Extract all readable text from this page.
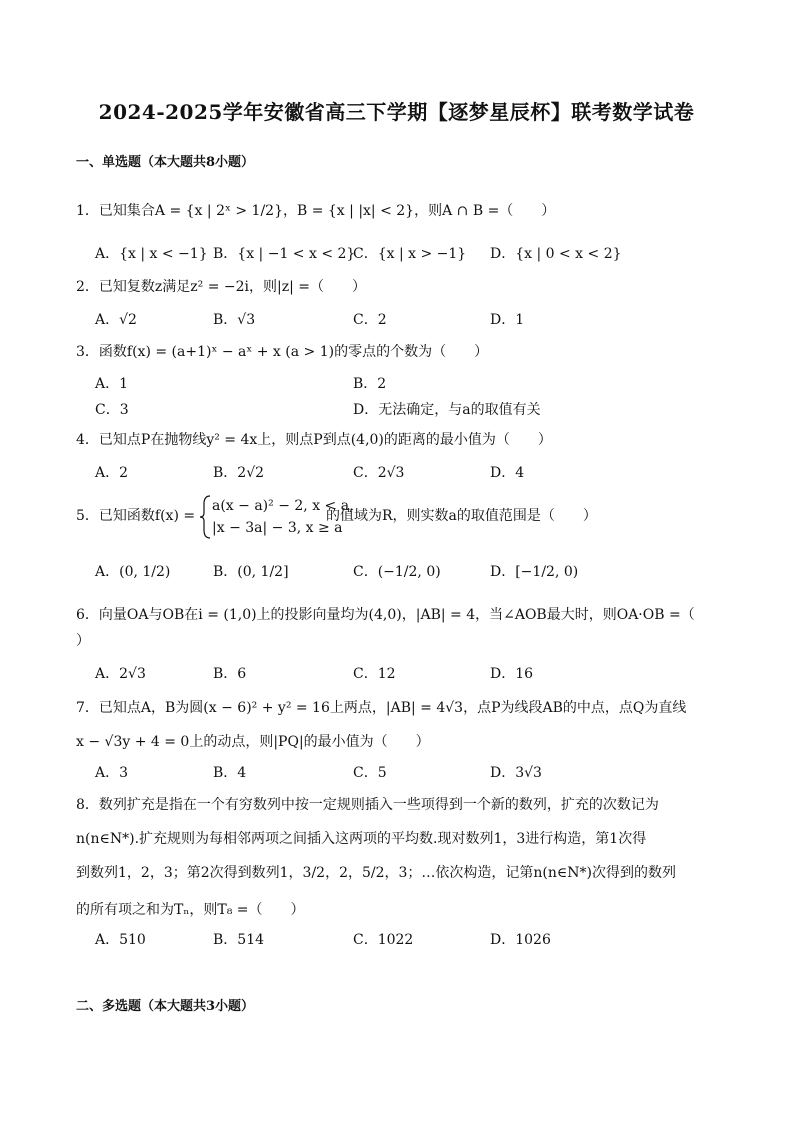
2024-2025学年安徽省高三下学期【逐梦星辰杯】联考数学试卷
一、单选题（本大题共8小题）
1．已知集合A = {x | 2ˣ > 1/2}，B = {x | |x| < 2}，则A ∩ B =（　　）
A．{x | x < −1} B．{x | −1 < x < 2}
C．{x | x > −1} D．{x | 0 < x < 2}
2．已知复数z满足z² = −2i，则|z| =（　　）
A．√2	B．√3	C．2	D．1
3．函数f(x) = (a+1)ˣ − aˣ + x (a > 1)的零点的个数为（　　）
A．1	B．2
C．3	D．无法确定，与a的取值有关
4．已知点P在抛物线y² = 4x上，则点P到点(4,0)的距离的最小值为（　　）
A．2	B．2√2	C．2√3	D．4
5．已知函数f(x) =
a(x − a)² − 2, x < a,
|x − 3a| − 3, x ≥ a
的值域为R，则实数a的取值范围是（　　）
A．(0, 1/2)	B．(0, 1/2]	C．(−1/2, 0)	D．[−1/2, 0)
6．向量OA与OB在i = (1,0)上的投影向量均为(4,0)，|AB| = 4，当∠AOB最大时，则OA·OB =（
）
A．2√3	B．6	C．12	D．16
7．已知点A，B为圆(x − 6)² + y² = 16上两点，|AB| = 4√3，点P为线段AB的中点，点Q为直线
x − √3y + 4 = 0上的动点，则|PQ|的最小值为（　　）
A．3	B．4	C．5	D．3√3
8．数列扩充是指在一个有穷数列中按一定规则插入一些项得到一个新的数列，扩充的次数记为
n(n∈N*).扩充规则为每相邻两项之间插入这两项的平均数.现对数列1，3进行构造，第1次得
到数列1，2，3；第2次得到数列1，3/2，2，5/2，3；…依次构造，记第n(n∈N*)次得到的数列
的所有项之和为Tₙ，则T₈ =（　　）
A．510	B．514	C．1022	D．1026
二、多选题（本大题共3小题）
